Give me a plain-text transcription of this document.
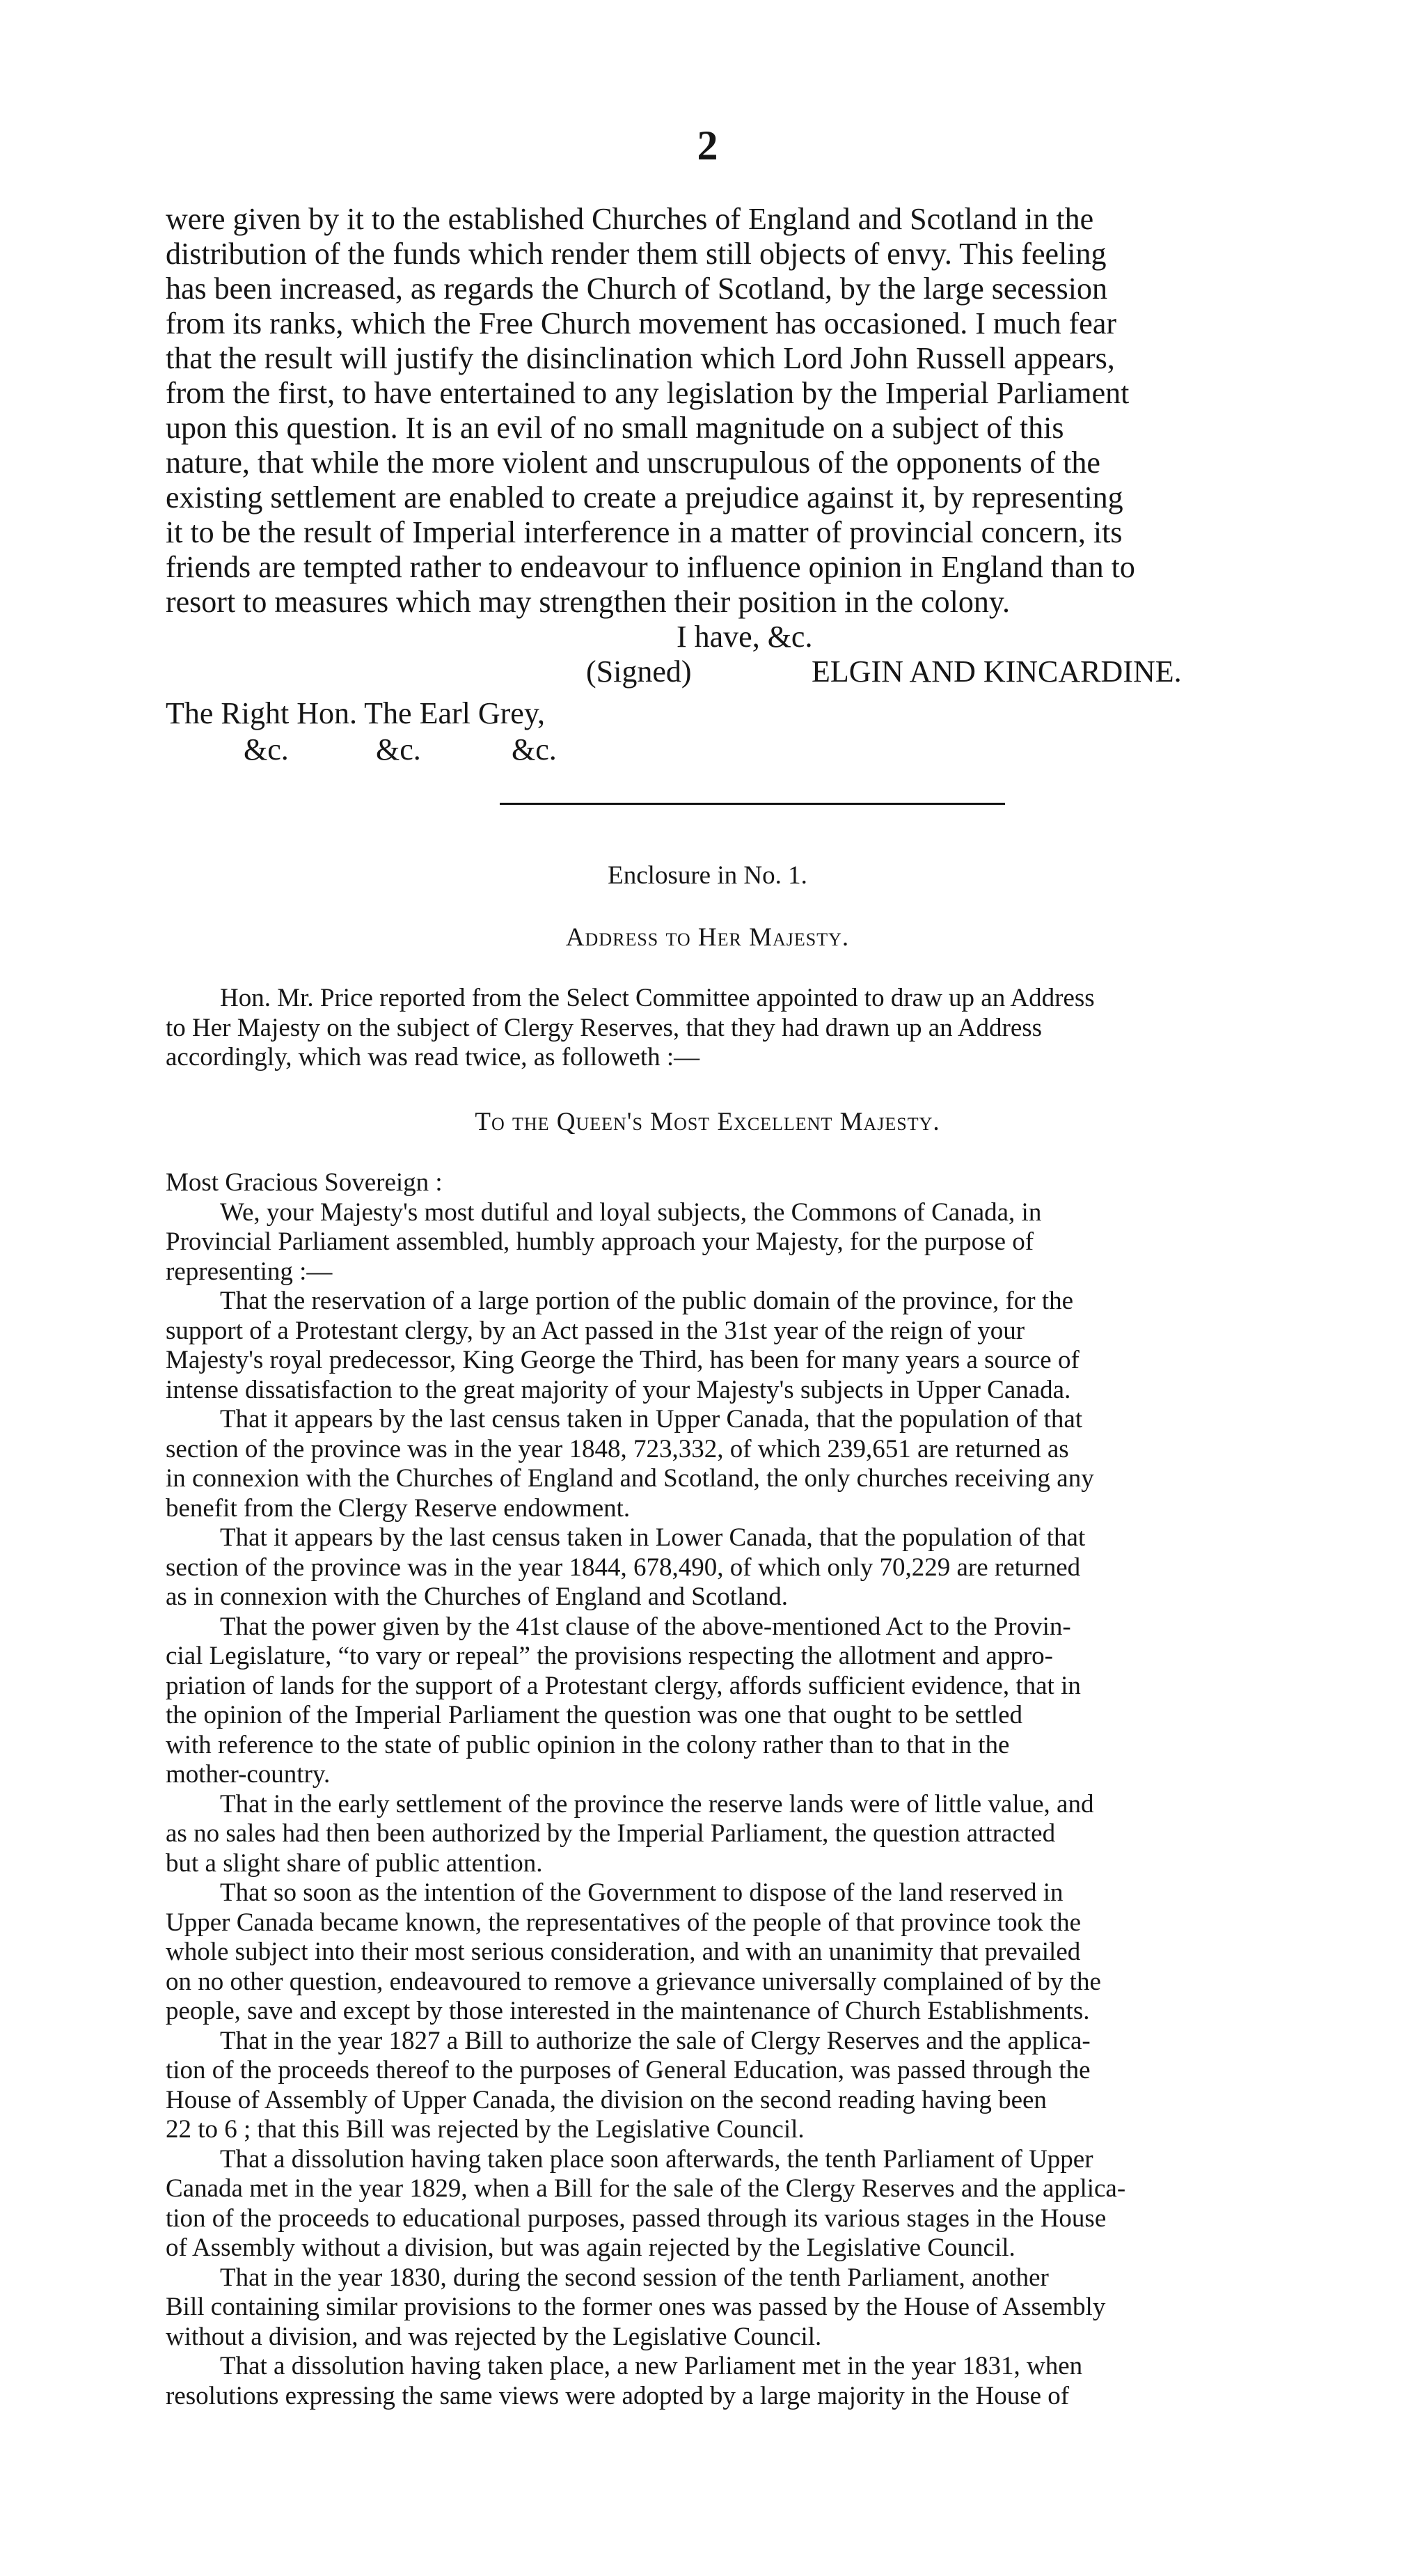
2

were given by it to the established Churches of England and Scotland in the

distribution of the funds which render them still objects of envy. This feeling

has been increased, as regards the Church of Scotland, by the large secession

from its ranks, which the Free Church movement has occasioned. I much fear

that the result will justify the disinclination which Lord John Russell appears,

from the first, to have entertained to any legislation by the Imperial Parliament

upon this question. It is an evil of no small magnitude on a subject of this

nature, that while the more violent and unscrupulous of the opponents of the

existing settlement are enabled to create a prejudice against it, by representing

it to be the result of Imperial interference in a matter of provincial concern, its

friends are tempted rather to endeavour to influence opinion in England than to

resort to measures which may strengthen their position in the colony.

I have, &c.
(Signed)	ELGIN AND KINCARDINE.
The Right Hon. The Earl Grey,
&c.	&c.	&c.
Enclosure in No. 1.
Address to Her Majesty.

Hon. Mr. Price reported from the Select Committee appointed to draw up an Address

to Her Majesty on the subject of Clergy Reserves, that they had drawn up an Address

accordingly, which was read twice, as followeth :—

To the Queen's Most Excellent Majesty.

Most Gracious Sovereign :

We, your Majesty's most dutiful and loyal subjects, the Commons of Canada, in

Provincial Parliament assembled, humbly approach your Majesty, for the purpose of

representing :—

That the reservation of a large portion of the public domain of the province, for the

support of a Protestant clergy, by an Act passed in the 31st year of the reign of your

Majesty's royal predecessor, King George the Third, has been for many years a source of

intense dissatisfaction to the great majority of your Majesty's subjects in Upper Canada.

That it appears by the last census taken in Upper Canada, that the population of that

section of the province was in the year 1848, 723,332, of which 239,651 are returned as

in connexion with the Churches of England and Scotland, the only churches receiving any

benefit from the Clergy Reserve endowment.

That it appears by the last census taken in Lower Canada, that the population of that

section of the province was in the year 1844, 678,490, of which only 70,229 are returned

as in connexion with the Churches of England and Scotland.

That the power given by the 41st clause of the above-mentioned Act to the Provin-

cial Legislature, “to vary or repeal” the provisions respecting the allotment and appro-

priation of lands for the support of a Protestant clergy, affords sufficient evidence, that in

the opinion of the Imperial Parliament the question was one that ought to be settled

with reference to the state of public opinion in the colony rather than to that in the

mother-country.

That in the early settlement of the province the reserve lands were of little value, and

as no sales had then been authorized by the Imperial Parliament, the question attracted

but a slight share of public attention.

That so soon as the intention of the Government to dispose of the land reserved in

Upper Canada became known, the representatives of the people of that province took the

whole subject into their most serious consideration, and with an unanimity that prevailed

on no other question, endeavoured to remove a grievance universally complained of by the

people, save and except by those interested in the maintenance of Church Establishments.

That in the year 1827 a Bill to authorize the sale of Clergy Reserves and the applica-

tion of the proceeds thereof to the purposes of General Education, was passed through the

House of Assembly of Upper Canada, the division on the second reading having been

22 to 6 ; that this Bill was rejected by the Legislative Council.

That a dissolution having taken place soon afterwards, the tenth Parliament of Upper

Canada met in the year 1829, when a Bill for the sale of the Clergy Reserves and the applica-

tion of the proceeds to educational purposes, passed through its various stages in the House

of Assembly without a division, but was again rejected by the Legislative Council.

That in the year 1830, during the second session of the tenth Parliament, another

Bill containing similar provisions to the former ones was passed by the House of Assembly

without a division, and was rejected by the Legislative Council.

That a dissolution having taken place, a new Parliament met in the year 1831, when

resolutions expressing the same views were adopted by a large majority in the House of
